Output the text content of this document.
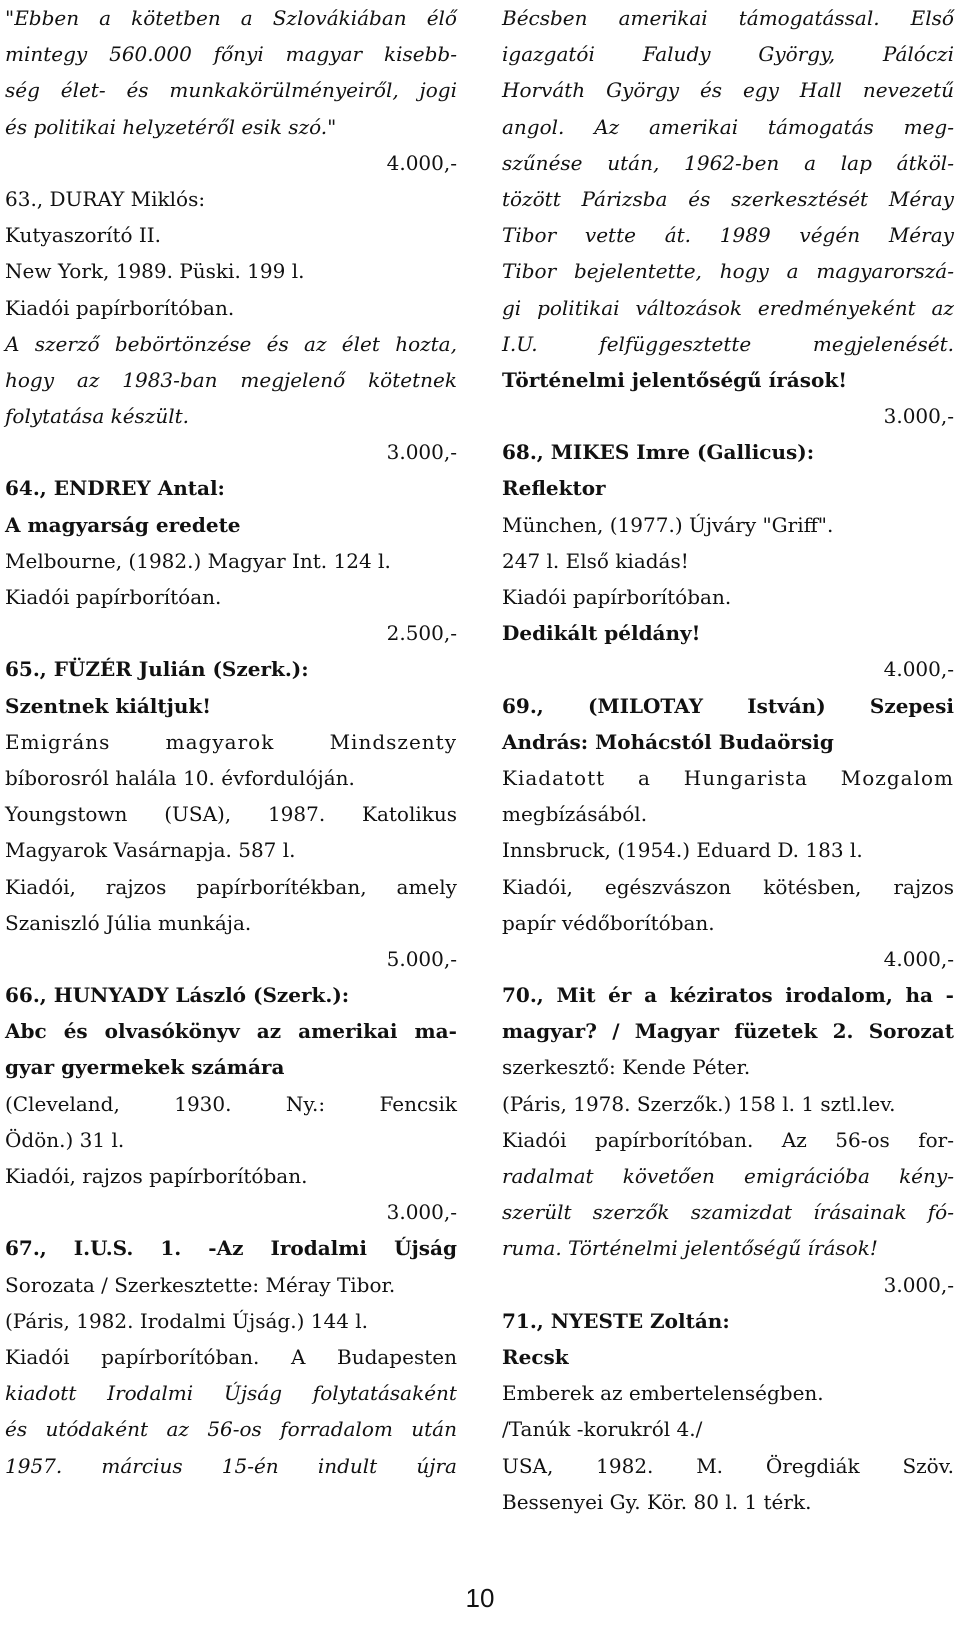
"Ebben a kötetben a Szlovákiában élő
mintegy 560.000 főnyi magyar kisebb-
ség élet- és munkakörülményeiről, jogi
és politikai helyzetéről esik szó."
4.000,-
63., DURAY Miklós:
Kutyaszorító II.
New York, 1989. Püski. 199 l.
Kiadói papírborítóban.
A szerző bebörtönzése és az élet hozta,
hogy az 1983-ban megjelenő kötetnek
folytatása készült.
3.000,-
64., ENDREY Antal:
A magyarság eredete
Melbourne, (1982.) Magyar Int. 124 l.
Kiadói papírborítóan.
2.500,-
65., FÜZÉR Julián (Szerk.):
Szentnek kiáltjuk!
Emigráns	magyarok	Mindszenty
bíborosról halála 10. évfordulóján.
Youngstown (USA), 1987. Katolikus
Magyarok Vasárnapja. 587 l.
Kiadói, rajzos papírborítékban, amely
Szaniszló Júlia munkája.
5.000,-
66., HUNYADY László (Szerk.):
Abc és olvasókönyv az amerikai ma-
gyar gyermekek számára
(Cleveland,	1930.	Ny.:	Fencsik
Ödön.) 31 l.
Kiadói, rajzos papírborítóban.
3.000,-
67., I.U.S. 1. -Az Irodalmi Újság
Sorozata / Szerkesztette: Méray Tibor.
(Páris, 1982. Irodalmi Újság.) 144 l.
Kiadói papírborítóban. A Budapesten
kiadott Irodalmi Újság folytatásaként
és utódaként az 56-os forradalom után
1957. március 15-én indult újra
Bécsben amerikai támogatással. Első
igazgatói Faludy György, Pálóczi
Horváth György és egy Hall nevezetű
angol. Az amerikai támogatás meg-
szűnése után, 1962-ben a lap átköl-
tözött Párizsba és szerkesztését Méray
Tibor vette át. 1989 végén Méray
Tibor bejelentette, hogy a magyarorszá-
gi politikai változások eredményeként az
I.U.	felfüggesztette	megjelenését.
Történelmi jelentőségű írások!
3.000,-
68., MIKES Imre (Gallicus):
Reflektor
München, (1977.) Újváry "Griff".
247 l. Első kiadás!
Kiadói papírborítóban.
Dedikált példány!
4.000,-
69., (MILOTAY István) Szepesi
András: Mohácstól Budaörsig
Kiadatott a Hungarista Mozgalom
megbízásából.
Innsbruck, (1954.) Eduard D. 183 l.
Kiadói, egészvászon kötésben, rajzos
papír védőborítóban.
4.000,-
70., Mit ér a kéziratos irodalom, ha -
magyar? / Magyar füzetek 2. Sorozat
szerkesztő: Kende Péter.
(Páris, 1978. Szerzők.) 158 l. 1 sztl.lev.
Kiadói papírborítóban. Az 56-os for-
radalmat követően emigrációba kény-
szerült szerzők szamizdat írásainak fó-
ruma. Történelmi jelentőségű írások!
3.000,-
71., NYESTE Zoltán:
Recsk
Emberek az embertelenségben.
/Tanúk -korukról 4./
USA, 1982. M. Öregdiák Szöv.
Bessenyei Gy. Kör. 80 l. 1 térk.
10
